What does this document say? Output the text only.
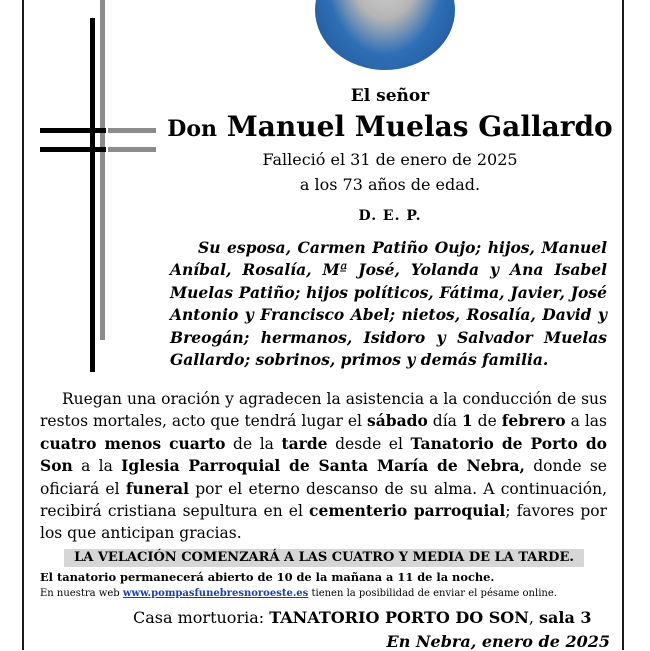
El señor
Don Manuel Muelas Gallardo
Falleció el 31 de enero de 2025
a los 73 años de edad.
D. E. P.
Su esposa, Carmen Patiño Oujo; hijos, Manuel Aníbal, Rosalía, Mª José, Yolanda y Ana Isabel Muelas Patiño; hijos políticos, Fátima, Javier, José Antonio y Francisco Abel; nietos, Rosalía, David y Breogán; hermanos, Isidoro y Salvador Muelas Gallardo; sobrinos, primos y demás familia.
Ruegan una oración y agradecen la asistencia a la conducción de sus restos mortales, acto que tendrá lugar el sábado día 1 de febrero a las cuatro menos cuarto de la tarde desde el Tanatorio de Porto do Son a la Iglesia Parroquial de Santa María de Nebra, donde se oficiará el funeral por el eterno descanso de su alma. A continuación, recibirá cristiana sepultura en el cementerio parroquial; favores por los que anticipan gracias.
LA VELACIÓN COMENZARÁ A LAS CUATRO Y MEDIA DE LA TARDE.
El tanatorio permanecerá abierto de 10 de la mañana a 11 de la noche.
En nuestra web www.pompasfunebresnoroeste.es tienen la posibilidad de enviar el pésame online.
Casa mortuoria: TANATORIO PORTO DO SON, sala 3
En Nebra, enero de 2025
